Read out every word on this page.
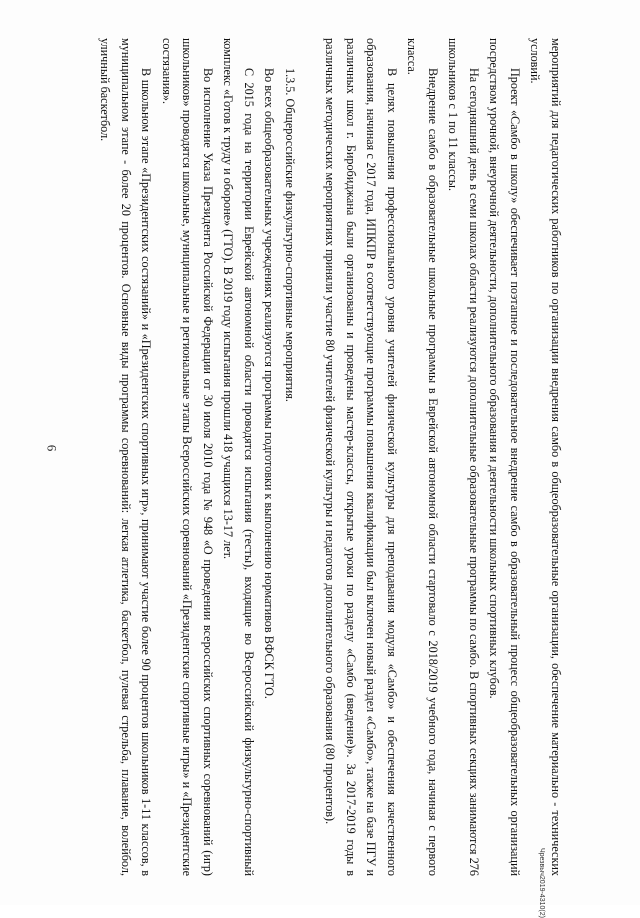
6	мероприятий для педагогических работников по организации внедрения самбо в общеобразовательные организации, обеспечение материально - технических условий.

Проект «Самбо в школу» обеспечивает поэтапное и последовательное внедрение самбо в образовательный процесс общеобразовательных организаций посредством урочной, внеурочной деятельности, дополнительного образования и деятельности школьных спортивных клубов.

На сегодняшний день в семи школах области реализуются дополнительные образовательные программы по самбо. В спортивных секциях занимаются 276 школьников с 1 по 11 классы.

Внедрение самбо в образовательные школьные программы в Еврейской автономной области стартовало с 2018/2019 учебного года, начиная с первого класса.

В целях повышения профессионального уровня учителей физической культуры для преподавания модуля «Самбо» и обеспечения качественного образования, начиная с 2017 года, ИПКПР в соответствующие программы повышения квалификации был включен новый раздел «Самбо», также на базе ПГУ и различных школ г. Биробиджана были организованы и проведены мастер-классы, открытые уроки по разделу «Самбо (введение)». За 2017-2019 годы в различных методических мероприятиях приняли участие 80 учителей физической культуры и педагогов дополнительного образования (80 процентов).

1.3.5. Общероссийские физкультурно-спортивные мероприятия.

Во всех общеобразовательных учреждениях реализуются программы подготовки к выполнению нормативов ВФСК ГТО.

С 2015 года на территории Еврейской автономной области проводятся испытания (тесты), входящие во Всероссийский физкультурно-спортивный комплекс «Готов к труду и обороне» (ГТО). В 2019 году испытания прошли 418 учащихся 13-17 лет.

Во исполнение Указа Президента Российской Федерации от 30 июля 2010 года № 948 «О проведении всероссийских спортивных соревнований (игр) школьников» проводятся школьные, муниципальные и региональные этапы Всероссийских соревнований «Президентские спортивные игры» и «Президентские состязания».

В школьном этапе «Президентских состязаний» и «Президентских спортивных игр», принимают участие более 90 процентов школьников 1-11 классов, в муниципальном этапе - более 20 процентов. Основные виды программы соревнований: легкая атлетика, баскетбол, пулевая стрельба, плавание, волейбол, уличный баскетбол.

Чрезвыч2019-4310(2)
